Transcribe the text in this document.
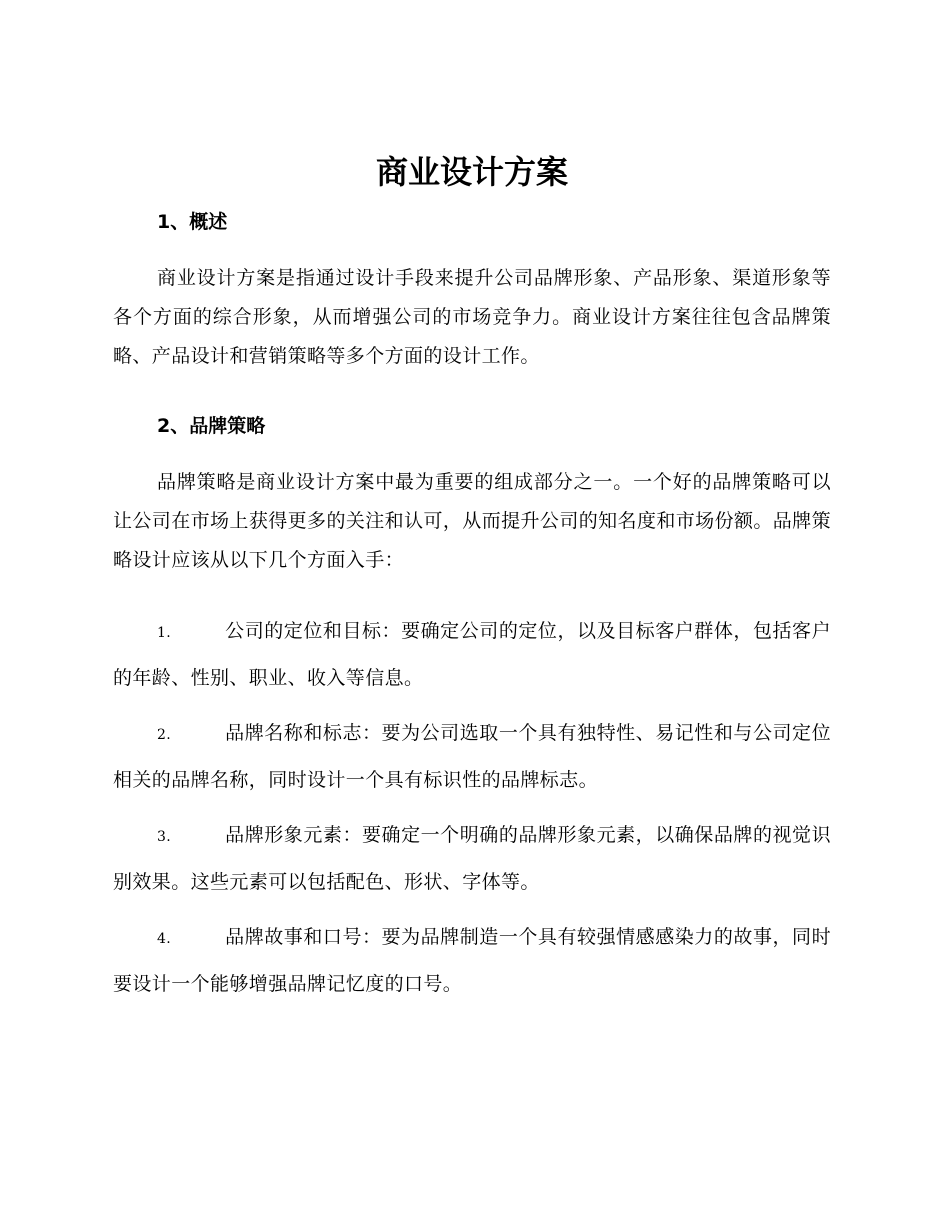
商业设计方案
1、概述

商业设计方案是指通过设计手段来提升公司品牌形象、产品形象、渠道形象等各个方面的综合形象，从而增强公司的市场竞争力。商业设计方案往往包含品牌策略、产品设计和营销策略等多个方面的设计工作。

2、品牌策略

品牌策略是商业设计方案中最为重要的组成部分之一。一个好的品牌策略可以让公司在市场上获得更多的关注和认可，从而提升公司的知名度和市场份额。品牌策略设计应该从以下几个方面入手：

1.	公司的定位和目标：要确定公司的定位，以及目标客户群体，包括客户的年龄、性别、职业、收入等信息。

2.	品牌名称和标志：要为公司选取一个具有独特性、易记性和与公司定位相关的品牌名称，同时设计一个具有标识性的品牌标志。

3.	品牌形象元素：要确定一个明确的品牌形象元素，以确保品牌的视觉识别效果。这些元素可以包括配色、形状、字体等。

4.	品牌故事和口号：要为品牌制造一个具有较强情感感染力的故事，同时要设计一个能够增强品牌记忆度的口号。
